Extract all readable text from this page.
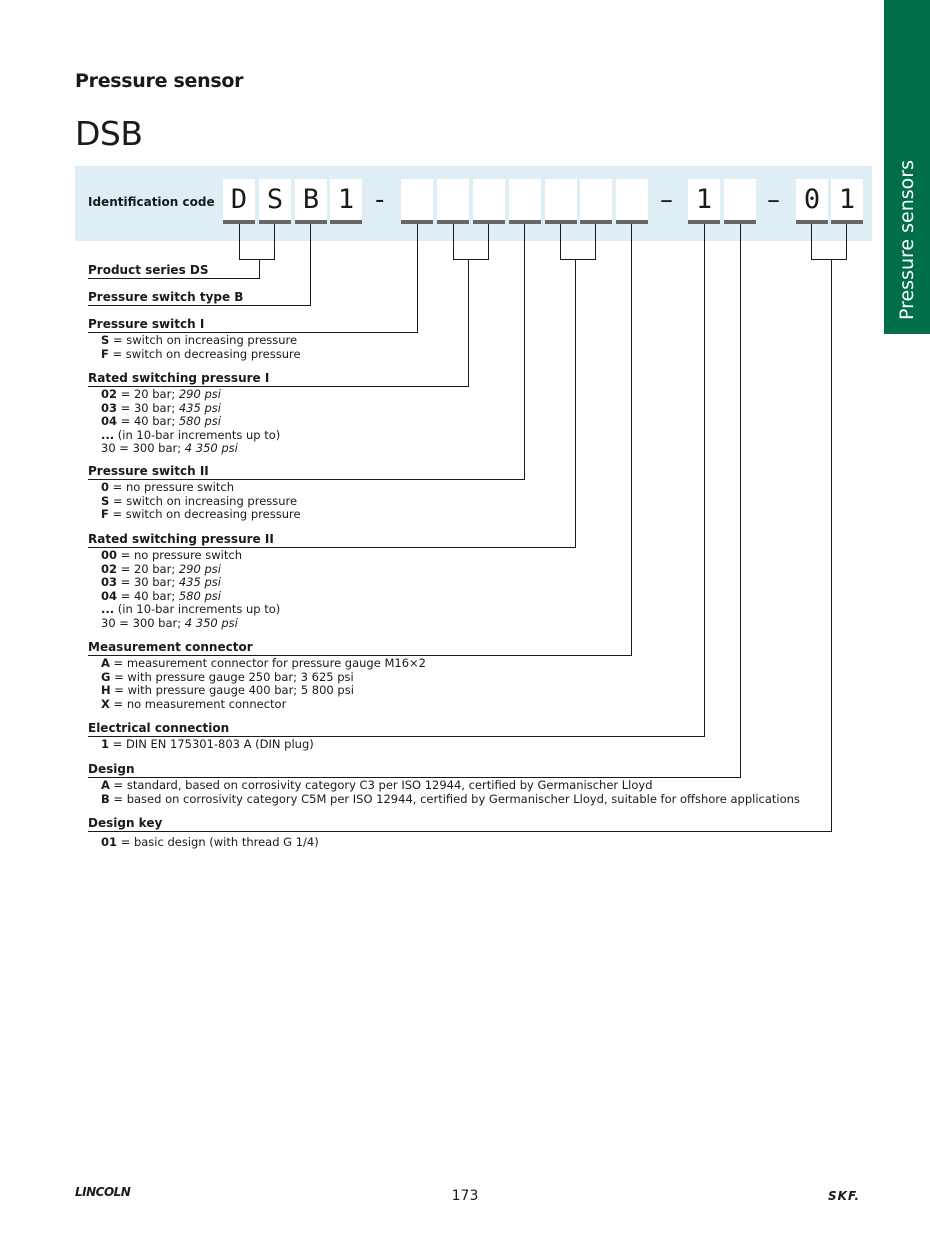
Pressure sensors
Pressure sensor
DSB
Identification code D S B 1	1	0 1
-	–	–
Product series DS
Pressure switch type B
Pressure switch I
S = switch on increasing pressure
F = switch on decreasing pressure
Rated switching pressure I
02 = 20 bar; 290 psi
03 = 30 bar; 435 psi
04 = 40 bar; 580 psi
... (in 10-bar increments up to)
30 = 300 bar; 4 350 psi
Pressure switch II
0 = no pressure switch
S = switch on increasing pressure
F = switch on decreasing pressure
Rated switching pressure II
00 = no pressure switch
02 = 20 bar; 290 psi
03 = 30 bar; 435 psi
04 = 40 bar; 580 psi
... (in 10-bar increments up to)
30 = 300 bar; 4 350 psi
Measurement connector
A = measurement connector for pressure gauge M16×2
G = with pressure gauge 250 bar; 3 625 psi
H = with pressure gauge 400 bar; 5 800 psi
X = no measurement connector
Electrical connection
1 = DIN EN 175301-803 A (DIN plug)
Design
A = standard, based on corrosivity category C3 per ISO 12944, certified by Germanischer Lloyd
B = based on corrosivity category C5M per ISO 12944, certified by Germanischer Lloyd, suitable for offshore applications
Design key
01 = basic design (with thread G 1/4)
LINCOLN	173	SKF.
